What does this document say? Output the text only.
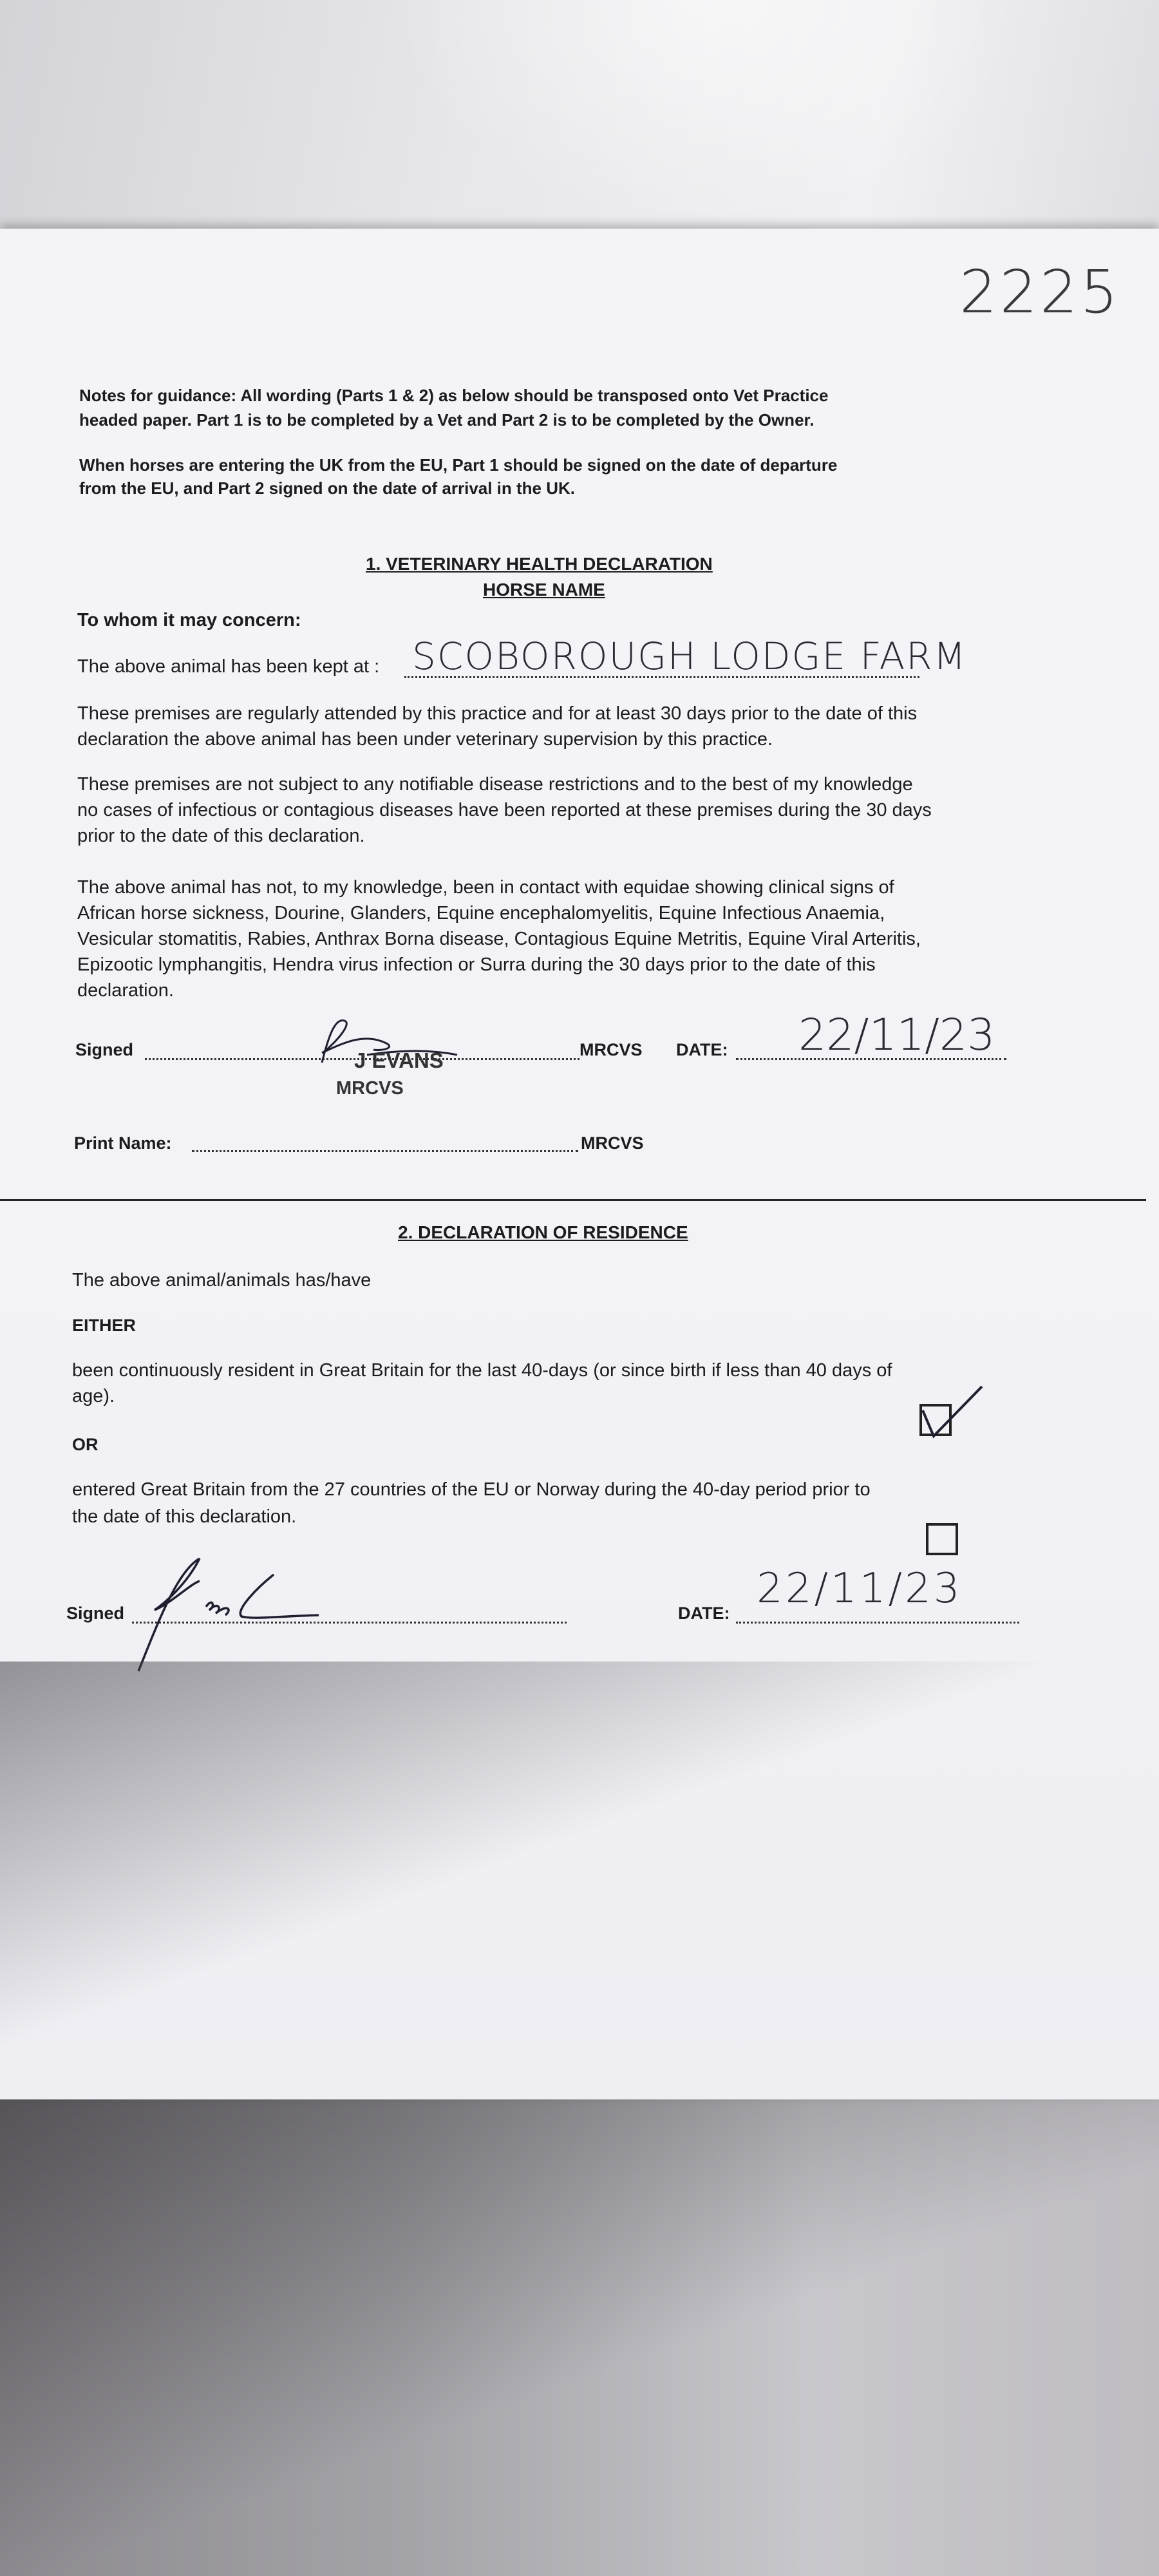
2225
Notes for guidance: All wording (Parts 1 & 2) as below should be transposed onto Vet Practice
headed paper. Part 1 is to be completed by a Vet and Part 2 is to be completed by the Owner.
When horses are entering the UK from the EU, Part 1 should be signed on the date of departure
from the EU, and Part 2 signed on the date of arrival in the UK.
1. VETERINARY HEALTH DECLARATION
HORSE NAME
To whom it may concern:
The above animal has been kept at : SCOBOROUGH LODGE FARM
These premises are regularly attended by this practice and for at least 30 days prior to the date of this
declaration the above animal has been under veterinary supervision by this practice.
These premises are not subject to any notifiable disease restrictions and to the best of my knowledge
no cases of infectious or contagious diseases have been reported at these premises during the 30 days
prior to the date of this declaration.
The above animal has not, to my knowledge, been in contact with equidae showing clinical signs of
African horse sickness, Dourine, Glanders, Equine encephalomyelitis, Equine Infectious Anaemia,
Vesicular stomatitis, Rabies, Anthrax Borna disease, Contagious Equine Metritis, Equine Viral Arteritis,
Epizootic lymphangitis, Hendra virus infection or Surra during the 30 days prior to the date of this
declaration.
Signed	J EVANS
MRCVS
MRCVS DATE: 22/11/23
Print Name:	MRCVS
2. DECLARATION OF RESIDENCE
The above animal/animals has/have
EITHER
been continuously resident in Great Britain for the last 40-days (or since birth if less than 40 days of
age).
OR
entered Great Britain from the 27 countries of the EU or Norway during the 40-day period prior to
the date of this declaration.
Signed	DATE:
22/11/23
